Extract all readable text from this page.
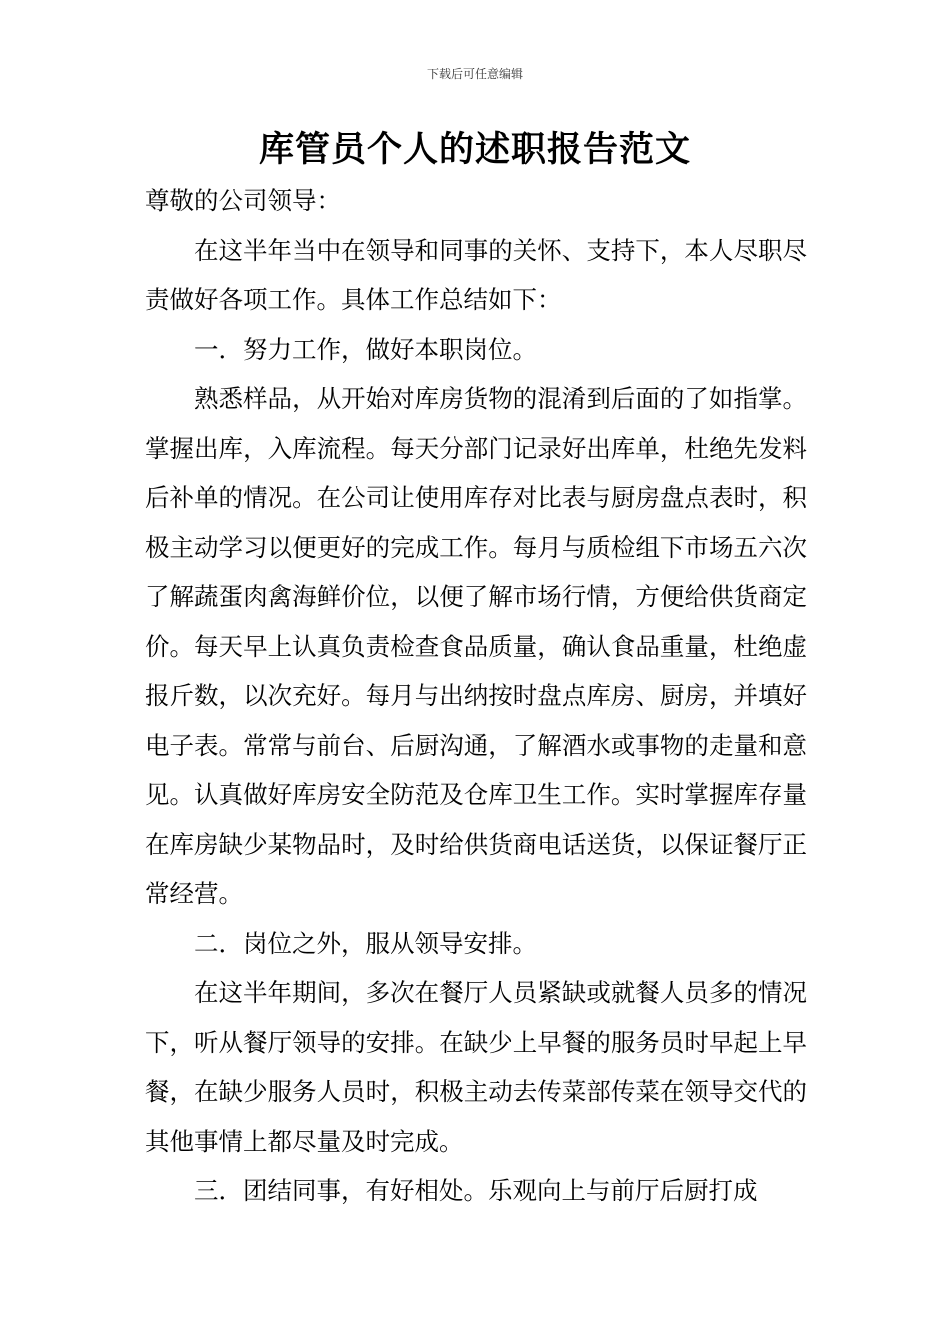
下载后可任意编辑
库管员个人的述职报告范文

尊敬的公司领导：

在这半年当中在领导和同事的关怀、支持下，本人尽职尽责做好各项工作。具体工作总结如下：

一．努力工作，做好本职岗位。

熟悉样品，从开始对库房货物的混淆到后面的了如指掌。掌握出库，入库流程。每天分部门记录好出库单，杜绝先发料后补单的情况。在公司让使用库存对比表与厨房盘点表时，积极主动学习以便更好的完成工作。每月与质检组下市场五六次了解蔬蛋肉禽海鲜价位，以便了解市场行情，方便给供货商定价。每天早上认真负责检查食品质量，确认食品重量，杜绝虚报斤数，以次充好。每月与出纳按时盘点库房、厨房，并填好电子表。常常与前台、后厨沟通，了解酒水或事物的走量和意见。认真做好库房安全防范及仓库卫生工作。实时掌握库存量在库房缺少某物品时，及时给供货商电话送货，以保证餐厅正常经营。

二．岗位之外，服从领导安排。

在这半年期间，多次在餐厅人员紧缺或就餐人员多的情况下，听从餐厅领导的安排。在缺少上早餐的服务员时早起上早餐，在缺少服务人员时，积极主动去传菜部传菜在领导交代的其他事情上都尽量及时完成。

三．团结同事，有好相处。乐观向上与前厅后厨打成
